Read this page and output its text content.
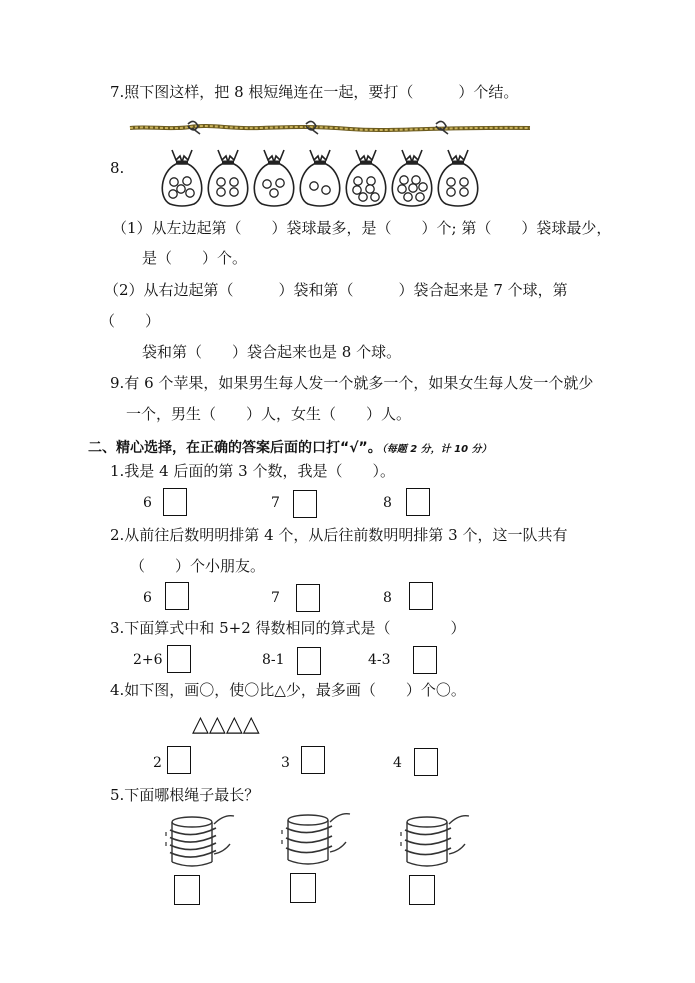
7.照下图这样，把 8 根短绳连在一起，要打（　　　）个结。
8.
（1）从左边起第（　　）袋球最多，是（　　）个; 第（　　）袋球最少，
是（　　）个。
（2）从右边起第（　　　）袋和第（　　　）袋合起来是 7 个球，第
（　　）
袋和第（　　）袋合起来也是 8 个球。
9.有 6 个苹果，如果男生每人发一个就多一个，如果女生每人发一个就少
一个，男生（　　）人，女生（　　）人。
二、精心选择，在正确的答案后面的口打“√”。（每题 2 分，计 10 分）
1.我是 4 后面的第 3 个数，我是（　　）。
6	7	8
2.从前往后数明明排第 4 个，从后往前数明明排第 3 个，这一队共有
（　　）个小朋友。
6	7	8
3.下面算式中和 5+2 得数相同的算式是（　　　　）
2+6	8-1	4-3
4.如下图，画〇，使〇比△少，最多画（　　）个〇。
△△△△
2	3	4
5.下面哪根绳子最长？
